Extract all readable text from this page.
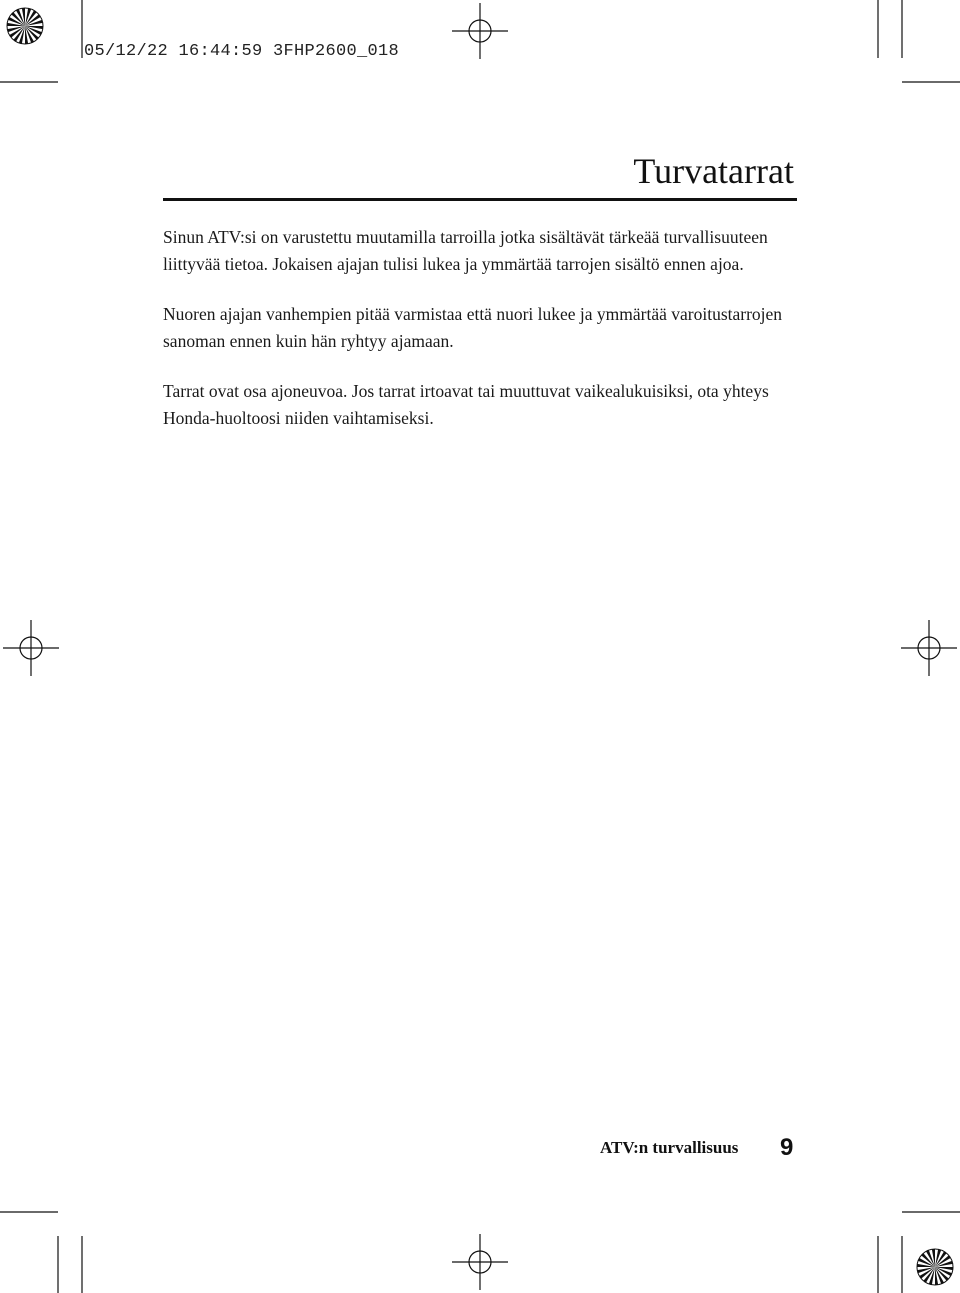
05/12/22 16:44:59 3FHP2600_018
Turvatarrat

Sinun ATV:si on varustettu muutamilla tarroilla jotka sisältävät tärkeää turvallisuuteen liittyvää tietoa. Jokaisen ajajan tulisi lukea ja ymmärtää tarrojen sisältö ennen ajoa.

Nuoren ajajan vanhempien pitää varmistaa että nuori lukee ja ymmärtää varoitustarrojen sanoman ennen kuin hän ryhtyy ajamaan.

Tarrat ovat osa ajoneuvoa. Jos tarrat irtoavat tai muuttuvat vaikealukuisiksi, ota yhteys Honda-huoltoosi niiden vaihtamiseksi.

ATV:n turvallisuus 9
